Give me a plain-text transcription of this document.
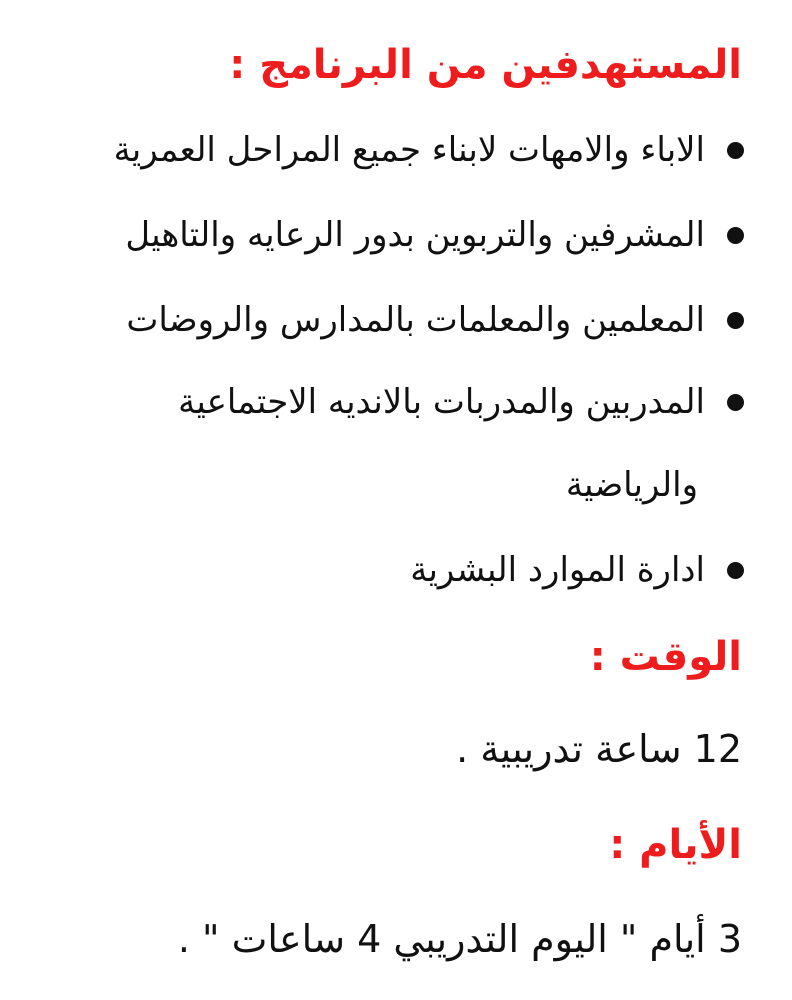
المستهدفين من البرنامج :
الاباء والامهات لابناء جميع المراحل العمرية
المشرفين والتربوين بدور الرعايه والتاهيل
المعلمين والمعلمات بالمدارس والروضات
المدربين والمدربات بالانديه الاجتماعية
والرياضية
ادارة الموارد البشرية
الوقت :
12 ساعة تدريبية .
الأيام :
3 أيام " اليوم التدريبي 4 ساعات " .
